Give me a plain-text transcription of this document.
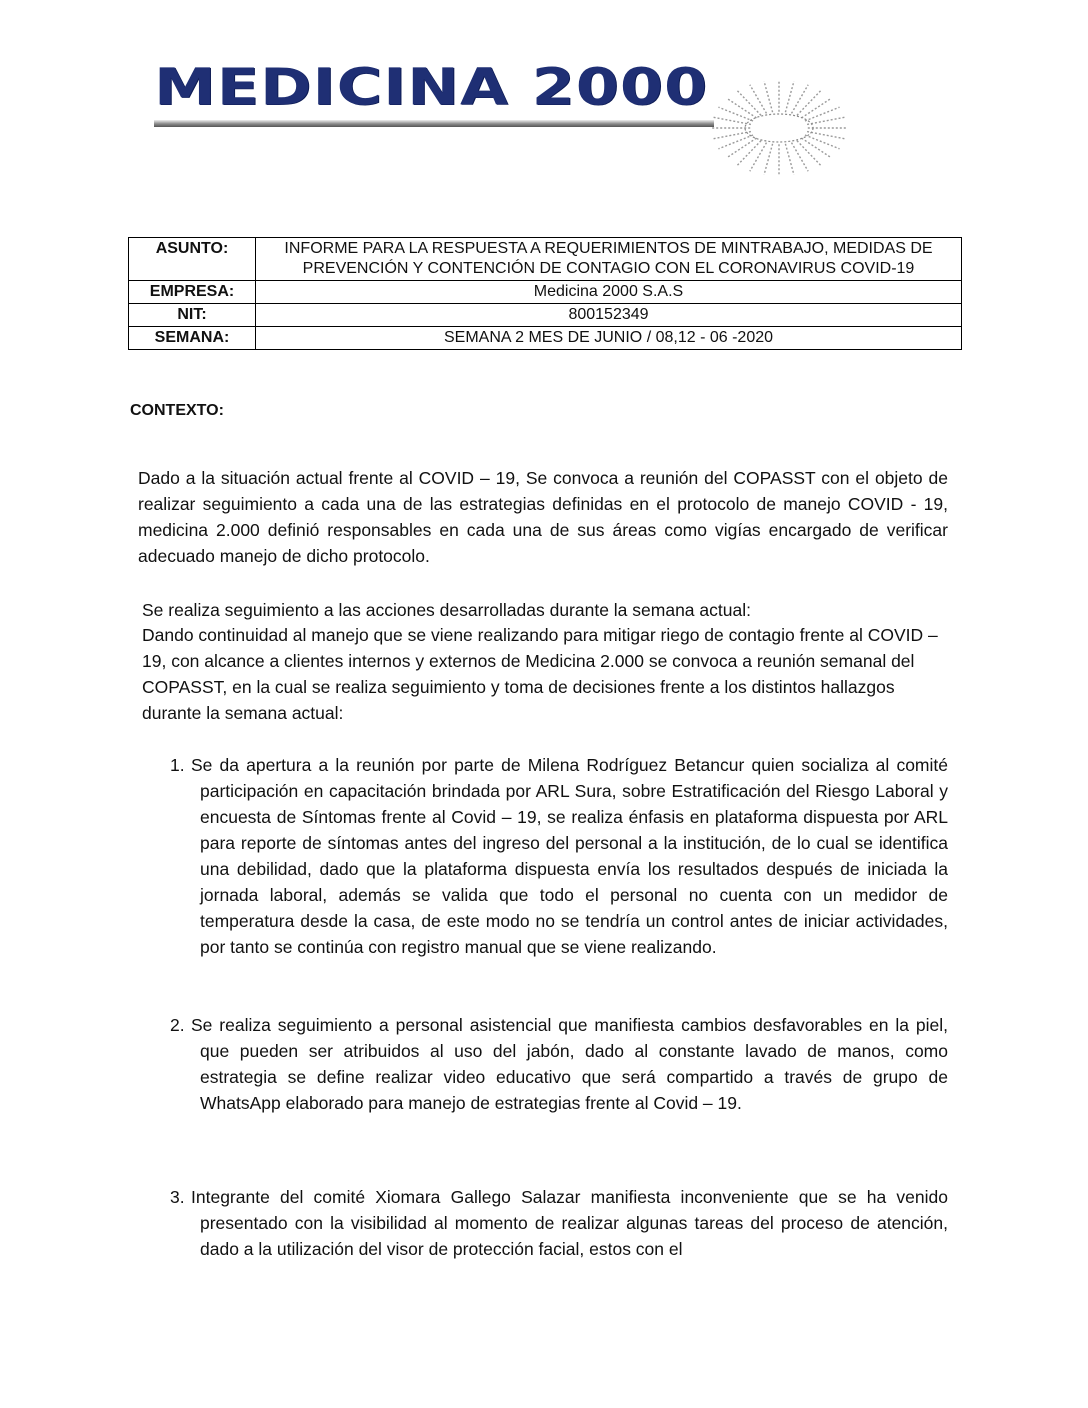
MEDICINA 2000
ASUNTO:	INFORME PARA LA RESPUESTA A REQUERIMIENTOS DE MINTRABAJO, MEDIDAS DE PREVENCIÓN Y CONTENCIÓN DE CONTAGIO CON EL CORONAVIRUS COVID-19
EMPRESA:	Medicina 2000 S.A.S
NIT:	800152349
SEMANA:	SEMANA 2 MES DE JUNIO / 08,12 - 06 -2020
CONTEXTO:

Dado a la situación actual frente al COVID – 19, Se convoca a reunión del COPASST con el objeto de realizar seguimiento a cada una de las estrategias definidas en el protocolo de manejo COVID - 19, medicina 2.000 definió responsables en cada una de sus áreas como vigías encargado de verificar adecuado manejo de dicho protocolo.

Se realiza seguimiento a las acciones desarrolladas durante la semana actual:

Dando continuidad al manejo que se viene realizando para mitigar riego de contagio frente al COVID – 19, con alcance a clientes internos y externos de Medicina 2.000 se convoca a reunión semanal del COPASST, en la cual se realiza seguimiento y toma de decisiones frente a los distintos hallazgos durante la semana actual:

1. Se da apertura a la reunión por parte de Milena Rodríguez Betancur quien socializa al comité participación en capacitación brindada por ARL Sura, sobre Estratificación del Riesgo Laboral y encuesta de Síntomas frente al Covid – 19, se realiza énfasis en plataforma dispuesta por ARL para reporte de síntomas antes del ingreso del personal a la institución, de lo cual se identifica una debilidad, dado que la plataforma dispuesta envía los resultados después de iniciada la jornada laboral, además se valida que todo el personal no cuenta con un medidor de temperatura desde la casa, de este modo no se tendría un control antes de iniciar actividades, por tanto se continúa con registro manual que se viene realizando.
2. Se realiza seguimiento a personal asistencial que manifiesta cambios desfavorables en la piel, que pueden ser atribuidos al uso del jabón, dado al constante lavado de manos, como estrategia se define realizar video educativo que será compartido a través de grupo de WhatsApp elaborado para manejo de estrategias frente al Covid – 19.
3. Integrante del comité Xiomara Gallego Salazar manifiesta inconveniente que se ha venido presentado con la visibilidad al momento de realizar algunas tareas del proceso de atención, dado a la utilización del visor de protección facial, estos con el
